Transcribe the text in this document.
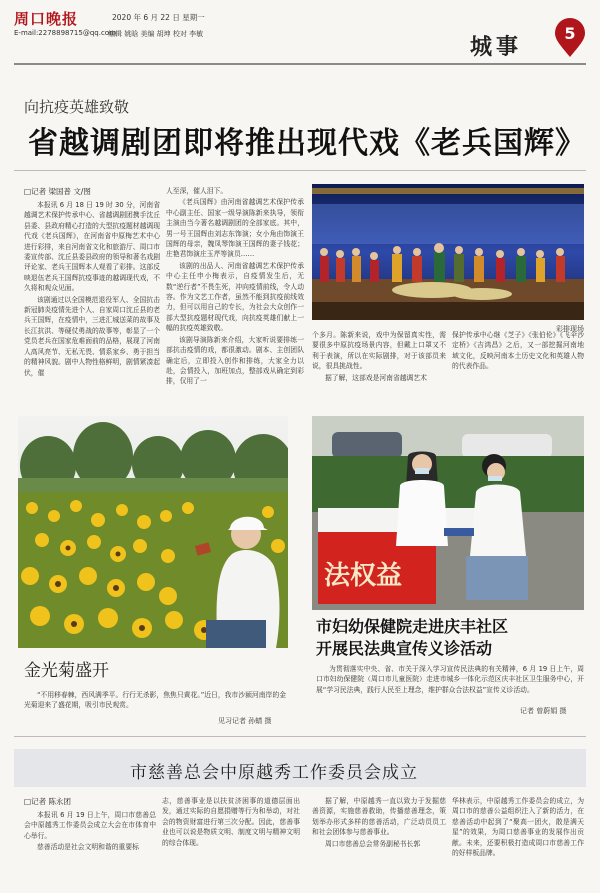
周口晚报	2020 年 6 月 22 日 星期一
E-mail:2278898715@qq.com
编辑 姚晗 美编 胡坤 校对 李敏	城事
5
向抗疫英雄致敬
省越调剧团即将推出现代戏《老兵国辉》
□记者 梁国普 文/图

本报讯 6 月 18 日 19 时 30 分，河南省越调艺术保护传承中心、省越调剧团携手沈丘县委、县政府精心打造的大型抗疫题材越调现代戏《老兵国辉》，在河南省中原梅艺术中心进行彩排，来自河南省文化和旅游厅、周口市委宣传部、沈丘县委县政府的领导和著名戏剧评论家、老兵王国辉本人观看了彩排。这部反映退伍老兵王国辉抗疫事迹的越调现代戏，不久将和观众见面。

该剧通过以全国模范退役军人、全国抗击新冠肺炎疫情先进个人、自家周口沈丘县的老兵王国辉，在疫情中，三进汇城送菜的故事及长江抗洪、等硬仗勇战的故事等，彰显了一个党员老兵在国家危难面前的品格，展现了河南人高风亮节、无私无畏、情系家乡、勇于担当的精神风貌。剧中人物性格鲜明，剧情紧凑起伏，催

人至深，催人泪下。

《老兵国辉》由河南省越调艺术保护传承中心副主任、国家一级导演陈新来执导，领衔主演由当今著名越调剧团的全部家底。其中，男一号王国辉由刘志东饰演；女小角由饰演王国辉的母亲，魏凤琴饰演王国辉的妻子钱花；庄艳君饰演庄玉芹等演员……

该剧的出品人、河南省越调艺术保护传承中心主任申小梅表示，自疫情发生后，无数“逆行者”不畏生死，冲向疫情前线，令人动容。作为文艺工作者，虽然不能到抗疫前线效力，但可以用自己的专长，为社会大众创作一部大型抗疫题材现代戏，向抗疫英雄们献上一幅的抗疫英雄致敬。

该剧导演陈新来介绍，大家听说要排练一部抗击疫情的戏，都很激动。剧本、主创团队确定后，立即投入创作和排练，大家全力以赴，会情投入，加班加点，整部戏从确定到彩排，仅用了一

彩排现场

个多月。陈新来说，戏中为保留真实性，需要很多中原抗疫场景内容，但戴上口罩又不利于表演，所以在实际剧排，对于该部员来说，很具挑战性。

据了解，这部戏是河南省越调艺术

保护传承中心继《芝子》《张伯伦》《飞伞沙定桥》《吉鸿昌》之后，又一部挖掘河南地域文化，反映河南本土历史文化和英雄人物的代表作品。

金光菊盛开

“不用移春棘，西风满季平。行行无杀影，焦焦只黄花。”近日，我市沙颍河南岸的金光菊迎来了盛花期，吸引市民观赏。

见习记者 孙蜻 摄
法权益
市妇幼保健院走进庆丰社区
开展民法典宣传义诊活动

为贯彻落实中央、省、市关于深入学习宣传民法典的有关精神，6 月 19 日上午，周口市妇幼保健院（周口市儿童医院）走进市城乡一体化示范区庆丰社区卫生服务中心，开展“学习民法典，践行人民至上理念，维护群众合法权益”宣传义诊活动。

记者 曾蔚娟 摄
市慈善总会中原越秀工作委员会成立
□记者 陈永团

本报讯 6 月 19 日上午，周口市慈善总会中原越秀工作委员会成立大会在市体育中心举行。

慈善活动是社会文明和谐的重要标

志，慈善事业是以扶贫济困事的道德层面出发，通过实际的自愿捐赠等行为和举动，对社会的物资财富进行第三次分配。因此，慈善事业也可以说是物质文明、制度文明与精神文明的综合体现。

据了解，中原越秀一直以致力于发掘慈善资源，实施慈善救助，传播慈善理念，策划举办形式多样的慈善活动，广泛动员员工和社会团体参与慈善事业。

周口市慈善总会常务副秘书长郭

华林表示，中原越秀工作委员会的成立，为周口市的慈善公益组织注入了新的活力，在慈善活动中起到了“聚高一团火，散是满天星”的效果，为周口慈善事业的发展作出贡献。未来，还要积极打造成周口市慈善工作的好样板品牌。
